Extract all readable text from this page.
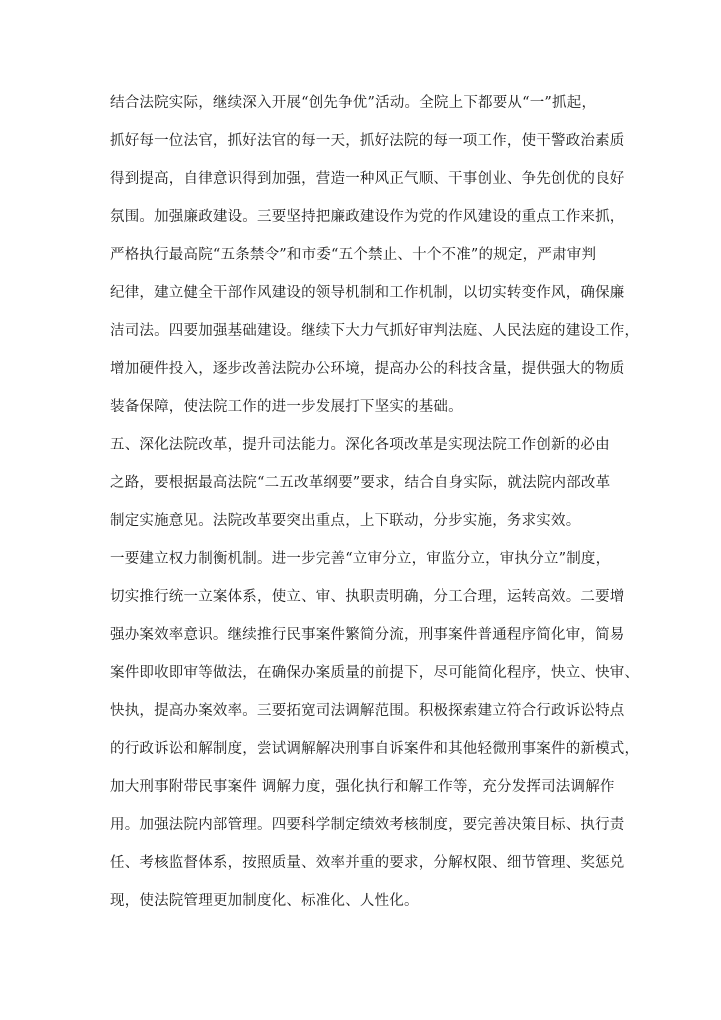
结合法院实际，继续深入开展“创先争优”活动。全院上下都要从“一”抓起，
抓好每一位法官，抓好法官的每一天，抓好法院的每一项工作，使干警政治素质
得到提高，自律意识得到加强，营造一种风正气顺、干事创业、争先创优的良好
氛围。加强廉政建设。三要坚持把廉政建设作为党的作风建设的重点工作来抓，
严格执行最高院“五条禁令”和市委“五个禁止、十个不准”的规定，严肃审判
纪律，建立健全干部作风建设的领导机制和工作机制，以切实转变作风，确保廉
洁司法。四要加强基础建设。继续下大力气抓好审判法庭、人民法庭的建设工作，
增加硬件投入，逐步改善法院办公环境，提高办公的科技含量，提供强大的物质
装备保障，使法院工作的进一步发展打下坚实的基础。
五、深化法院改革，提升司法能力。深化各项改革是实现法院工作创新的必由
之路，要根据最高法院“二五改革纲要”要求，结合自身实际，就法院内部改革
制定实施意见。法院改革要突出重点，上下联动，分步实施，务求实效。
一要建立权力制衡机制。进一步完善“立审分立，审监分立，审执分立”制度，
切实推行统一立案体系，使立、审、执职责明确，分工合理，运转高效。二要增
强办案效率意识。继续推行民事案件繁简分流，刑事案件普通程序简化审，简易
案件即收即审等做法，在确保办案质量的前提下，尽可能简化程序，快立、快审、
快执，提高办案效率。三要拓宽司法调解范围。积极探索建立符合行政诉讼特点
的行政诉讼和解制度，尝试调解解决刑事自诉案件和其他轻微刑事案件的新模式，
加大刑事附带民事案件 调解力度，强化执行和解工作等，充分发挥司法调解作
用。加强法院内部管理。四要科学制定绩效考核制度，要完善决策目标、执行责
任、考核监督体系，按照质量、效率并重的要求，分解权限、细节管理、奖惩兑
现，使法院管理更加制度化、标准化、人性化。
